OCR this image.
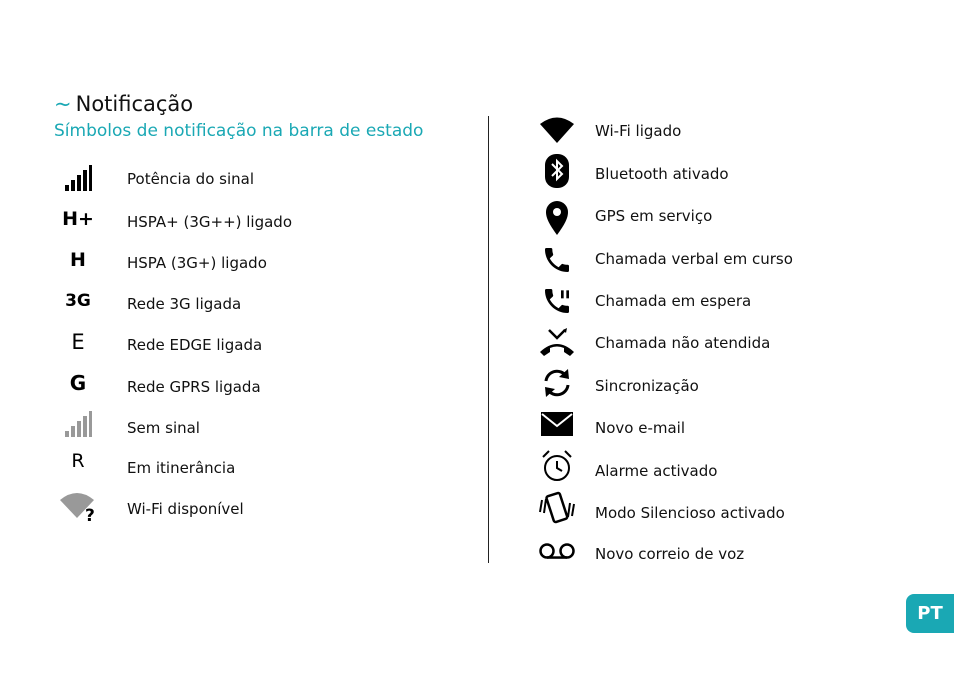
~ Notificação
Símbolos de notificação na barra de estado
Potência do sinal
H+ HSPA+ (3G++) ligado
H	HSPA (3G+) ligado
3G	Rede 3G ligada
E	Rede EDGE ligada
G	Rede GPRS ligada
Sem sinal
R	Em itinerância
? Wi-Fi disponível
Wi-Fi ligado
Bluetooth ativado
GPS em serviço
Chamada verbal em curso
Chamada em espera
Chamada não atendida
Sincronização
Novo e-mail
Alarme activado
Modo Silencioso activado
Novo correio de voz
PT
